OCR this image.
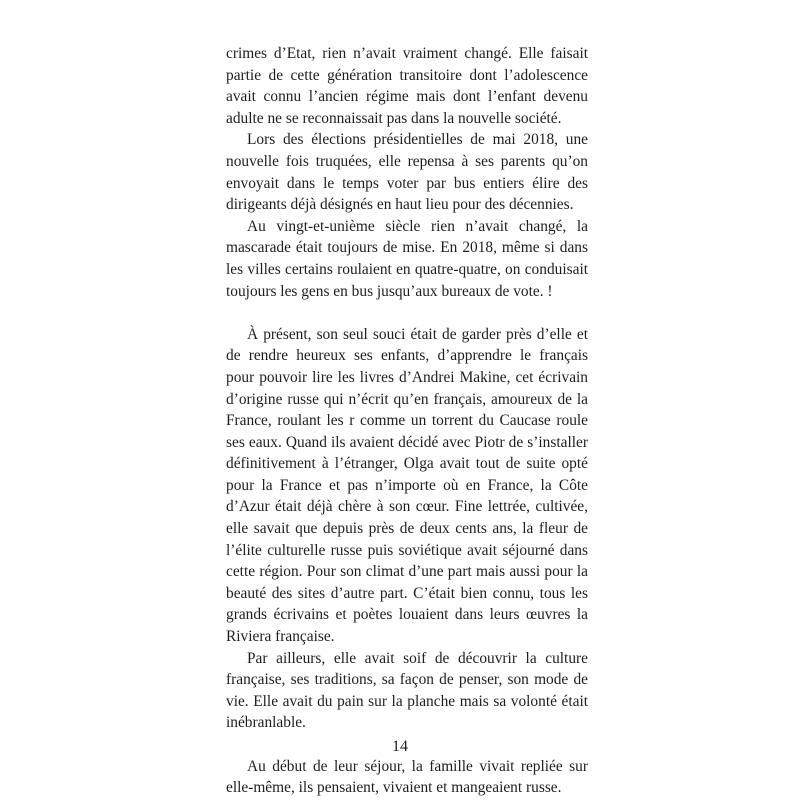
crimes d’Etat, rien n’avait vraiment changé. Elle faisait partie de cette génération transitoire dont l’adolescence avait connu l’ancien régime mais dont l’enfant devenu adulte ne se reconnaissait pas dans la nouvelle société.

Lors des élections présidentielles de mai 2018, une nouvelle fois truquées, elle repensa à ses parents qu’on envoyait dans le temps voter par bus entiers élire des dirigeants déjà désignés en haut lieu pour des décennies.

Au vingt-et-unième siècle rien n’avait changé, la mascarade était toujours de mise. En 2018, même si dans les villes certains roulaient en quatre-quatre, on conduisait toujours les gens en bus jusqu’aux bureaux de vote. !

À présent, son seul souci était de garder près d’elle et de rendre heureux ses enfants, d’apprendre le français pour pouvoir lire les livres d’Andrei Makine, cet écrivain d’origine russe qui n’écrit qu’en français, amoureux de la France, roulant les r comme un torrent du Caucase roule ses eaux. Quand ils avaient décidé avec Piotr de s’installer définitivement à l’étranger, Olga avait tout de suite opté pour la France et pas n’importe où en France, la Côte d’Azur était déjà chère à son cœur. Fine lettrée, cultivée, elle savait que depuis près de deux cents ans, la fleur de l’élite culturelle russe puis soviétique avait séjourné dans cette région. Pour son climat d’une part mais aussi pour la beauté des sites d’autre part. C’était bien connu, tous les grands écrivains et poètes louaient dans leurs œuvres la Riviera française.

Par ailleurs, elle avait soif de découvrir la culture française, ses traditions, sa façon de penser, son mode de vie. Elle avait du pain sur la planche mais sa volonté était inébranlable.

Au début de leur séjour, la famille vivait repliée sur elle-même, ils pensaient, vivaient et mangeaient russe.

14
